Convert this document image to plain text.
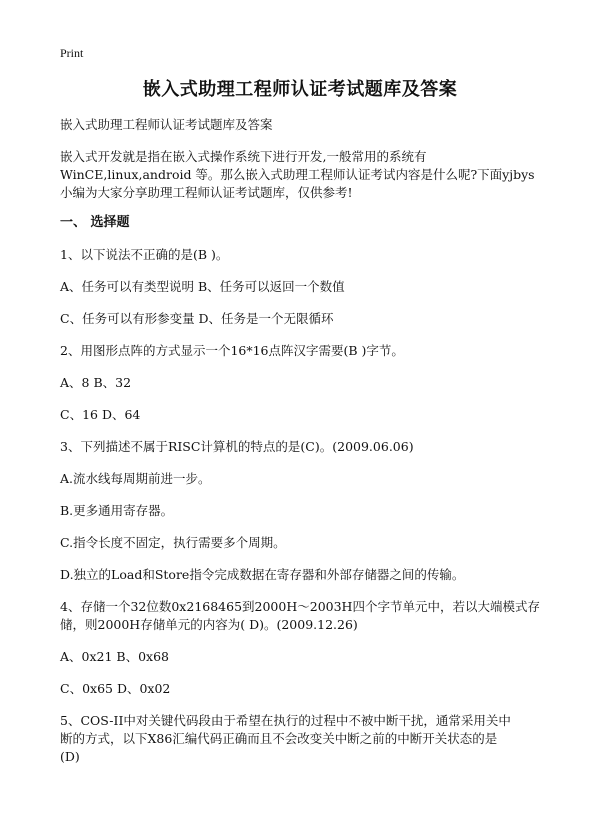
Print
嵌入式助理工程师认证考试题库及答案

嵌入式助理工程师认证考试题库及答案

嵌入式开发就是指在嵌入式操作系统下进行开发,一般常用的系统有

WinCE,linux,android 等。那么嵌入式助理工程师认证考试内容是什么呢?下面yjbys

小编为大家分享助理工程师认证考试题库，仅供参考!

一、 选择题

1、以下说法不正确的是(B )。

A、任务可以有类型说明 B、任务可以返回一个数值

C、任务可以有形参变量 D、任务是一个无限循环

2、用图形点阵的方式显示一个16*16点阵汉字需要(B )字节。

A、8 B、32

C、16 D、64

3、下列描述不属于RISC计算机的特点的是(C)。(2009.06.06)

A.流水线每周期前进一步。

B.更多通用寄存器。

C.指令长度不固定，执行需要多个周期。

D.独立的Load和Store指令完成数据在寄存器和外部存储器之间的传输。

4、存储一个32位数0x2168465到2000H～2003H四个字节单元中，若以大端模式存

储，则2000H存储单元的内容为( D)。(2009.12.26)

A、0x21 B、0x68

C、0x65 D、0x02

5、COS-II中对关键代码段由于希望在执行的过程中不被中断干扰，通常采用关中

断的方式，以下X86汇编代码正确而且不会改变关中断之前的中断开关状态的是

(D)
